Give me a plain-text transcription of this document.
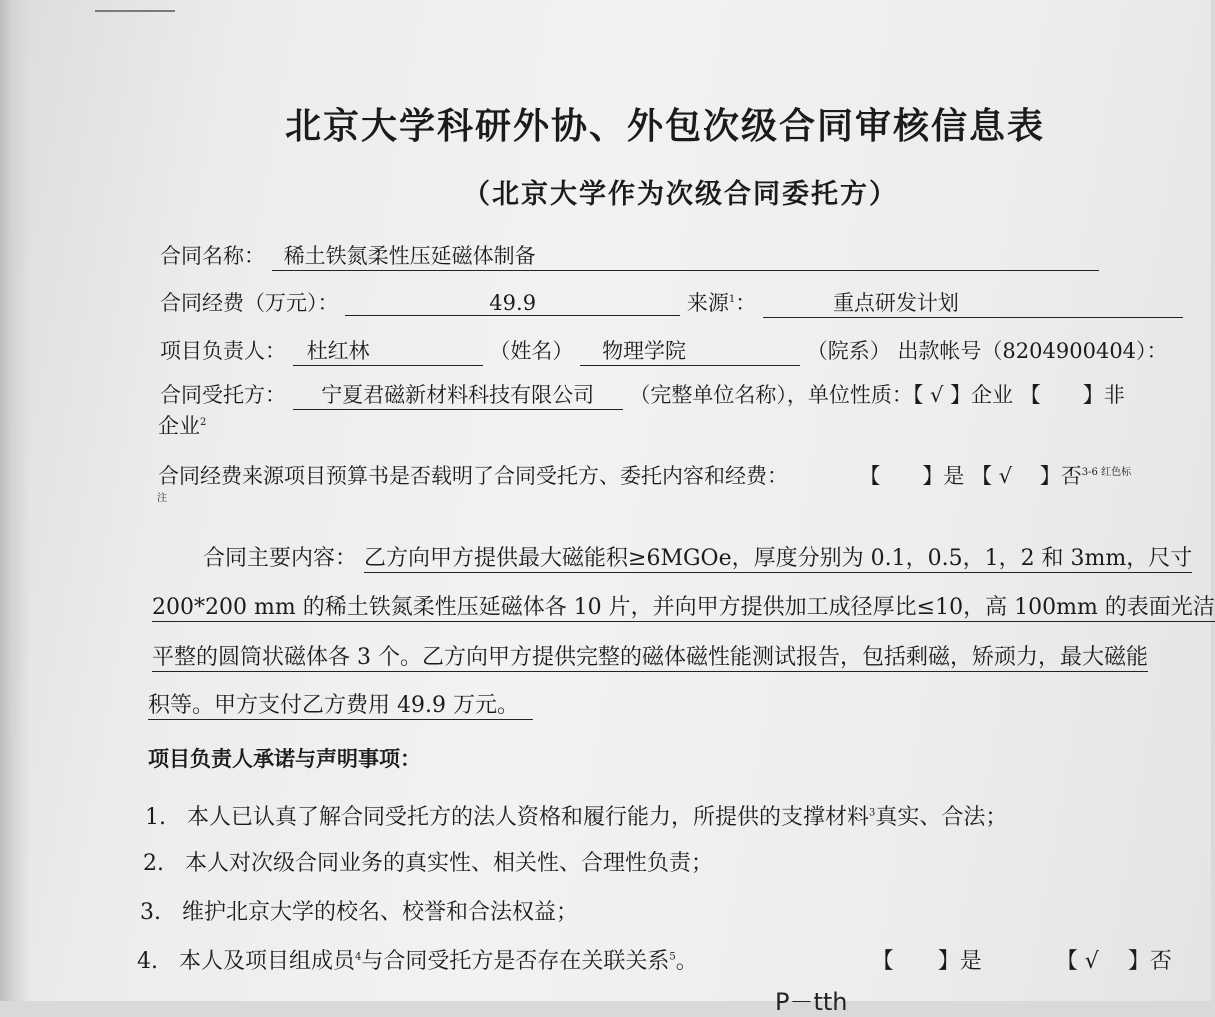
北京大学科研外协、外包次级合同审核信息表
（北京大学作为次级合同委托方）
合同名称： 稀土铁氮柔性压延磁体制备
合同经费（万元）：	49.9	来源$^1$：	重点研发计划
项目负责人： 杜红林	（姓名） 物理学院	（院系） 出款帐号（8204900404）：
合同受托方： 宁夏君磁新材料科技有限公司 （完整单位名称），单位性质：【 √ 】企业 【　　】非
企业$^2$
合同经费来源项目预算书是否载明了合同受托方、委托内容和经费：	【　　】是 【 √ 　】否$^{3-6 红色标}$
注
合同主要内容： 乙方向甲方提供最大磁能积≥6MGOe，厚度分别为 0.1，0.5，1，2 和 3mm，尺寸
200*200 mm 的稀土铁氮柔性压延磁体各 10 片，并向甲方提供加工成径厚比≤10，高 100mm 的表面光洁
平整的圆筒状磁体各 3 个。乙方向甲方提供完整的磁体磁性能测试报告，包括剩磁，矫顽力，最大磁能
积等。甲方支付乙方费用 49.9 万元。
项目负责人承诺与声明事项：
1. 本人已认真了解合同受托方的法人资格和履行能力，所提供的支撑材料$^3$真实、合法；
2. 本人对次级合同业务的真实性、相关性、合理性负责；
3. 维护北京大学的校名、校誉和合法权益；
4. 本人及项目组成员$^4$与合同受托方是否存在关联关系$^5$。	【　　】是	【 √ 　】否
P－tth
